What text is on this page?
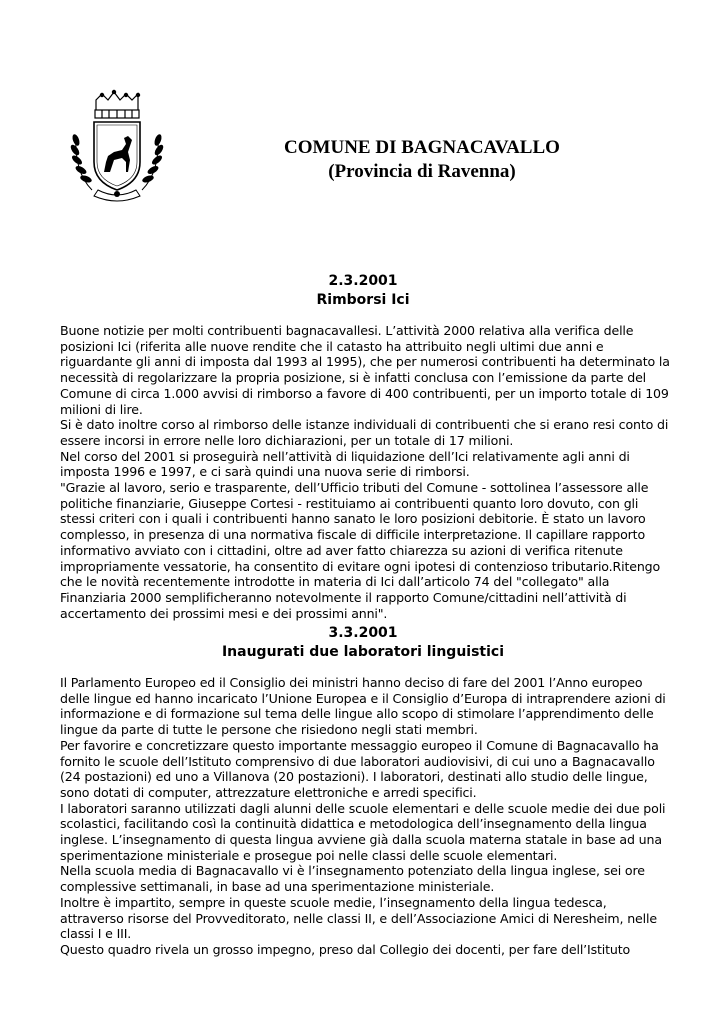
COMUNE DI BAGNACAVALLO
(Provincia di Ravenna)
2.3.2001
Rimborsi Ici

Buone notizie per molti contribuenti bagnacavallesi. L’attività 2000 relativa alla verifica delle posizioni Ici (riferita alle nuove rendite che il catasto ha attribuito negli ultimi due anni e riguardante gli anni di imposta dal 1993 al 1995), che per numerosi contribuenti ha determinato la necessità di regolarizzare la propria posizione, si è infatti conclusa con l’emissione da parte del Comune di circa 1.000 avvisi di rimborso a favore di 400 contribuenti, per un importo totale di 109 milioni di lire.

Si è dato inoltre corso al rimborso delle istanze individuali di contribuenti che si erano resi conto di essere incorsi in errore nelle loro dichiarazioni, per un totale di 17 milioni.

Nel corso del 2001 si proseguirà nell’attività di liquidazione dell’Ici relativamente agli anni di imposta 1996 e 1997, e ci sarà quindi una nuova serie di rimborsi.

"Grazie al lavoro, serio e trasparente, dell’Ufficio tributi del Comune - sottolinea l’assessore alle politiche finanziarie, Giuseppe Cortesi - restituiamo ai contribuenti quanto loro dovuto, con gli stessi criteri con i quali i contribuenti hanno sanato le loro posizioni debitorie. È stato un lavoro complesso, in presenza di una normativa fiscale di difficile interpretazione. Il capillare rapporto informativo avviato con i cittadini, oltre ad aver fatto chiarezza su azioni di verifica ritenute impropriamente vessatorie, ha consentito di evitare ogni ipotesi di contenzioso tributario.Ritengo che le novità recentemente introdotte in materia di Ici dall’articolo 74 del "collegato" alla Finanziaria 2000 semplificheranno notevolmente il rapporto Comune/cittadini nell’attività di accertamento dei prossimi mesi e dei prossimi anni".

3.3.2001
Inaugurati due laboratori linguistici

Il Parlamento Europeo ed il Consiglio dei ministri hanno deciso di fare del 2001 l’Anno europeo delle lingue ed hanno incaricato l’Unione Europea e il Consiglio d’Europa di intraprendere azioni di informazione e di formazione sul tema delle lingue allo scopo di stimolare l’apprendimento delle lingue da parte di tutte le persone che risiedono negli stati membri.

Per favorire e concretizzare questo importante messaggio europeo il Comune di Bagnacavallo ha fornito le scuole dell’Istituto comprensivo di due laboratori audiovisivi, di cui uno a Bagnacavallo (24 postazioni) ed uno a Villanova (20 postazioni). I laboratori, destinati allo studio delle lingue, sono dotati di computer, attrezzature elettroniche e arredi specifici.

I laboratori saranno utilizzati dagli alunni delle scuole elementari e delle scuole medie dei due poli scolastici, facilitando così la continuità didattica e metodologica dell’insegnamento della lingua inglese. L’insegnamento di questa lingua avviene già dalla scuola materna statale in base ad una sperimentazione ministeriale e prosegue poi nelle classi delle scuole elementari.

Nella scuola media di Bagnacavallo vi è l’insegnamento potenziato della lingua inglese, sei ore complessive settimanali, in base ad una sperimentazione ministeriale.

Inoltre è impartito, sempre in queste scuole medie, l’insegnamento della lingua tedesca, attraverso risorse del Provveditorato, nelle classi II, e dell’Associazione Amici di Neresheim, nelle classi I e III.

Questo quadro rivela un grosso impegno, preso dal Collegio dei docenti, per fare dell’Istituto
